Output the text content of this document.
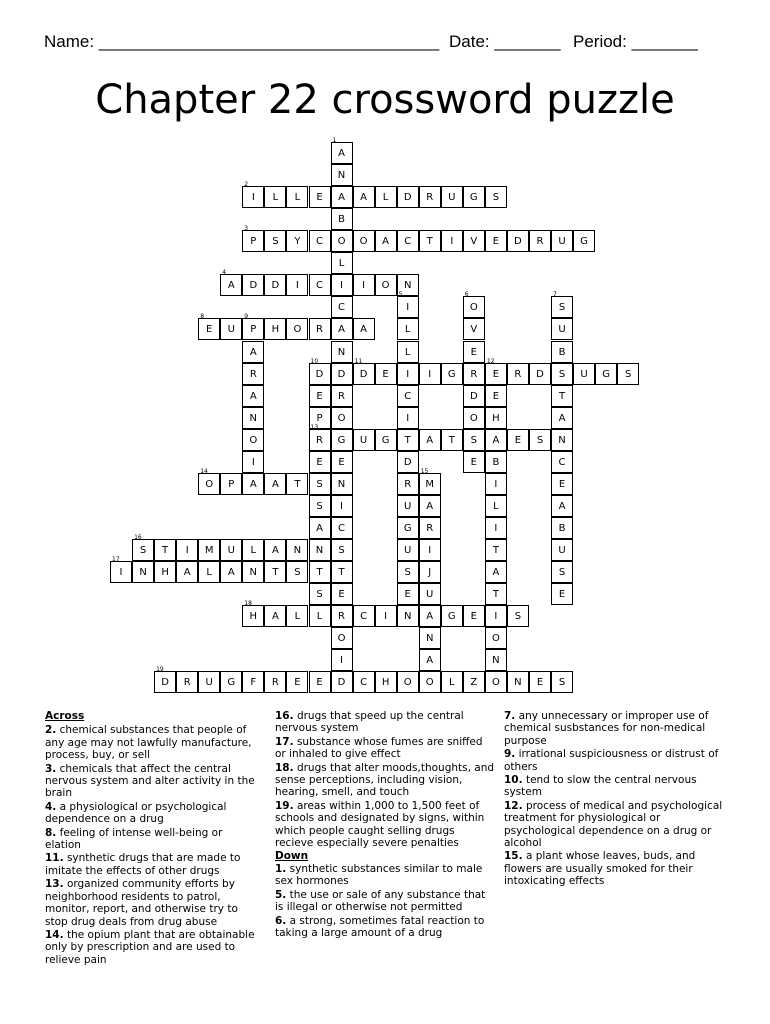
Name: ____________________________________ Date: _______ Period: _______
Chapter 22 crossword puzzle
A
1
N
A
B
O
L
I
C
A
N
D
R
O
G
E
N
I
C
S
T
E
R
O
I
D
I
2
L	L	E	A	L	D	R	U	G	S
P
3
S	Y	C	O	A	C	T	I	V	E	D	R	U	G
A
4
D	D	I	C	I	O	N
I
5
L
L
I
C
I
T
D
R
U
G
U
S
E
O
6
V
E
R
D
O
S
E
S
7
U
B
S
T
A
N
C
E
A
B
U
S
E
E
8
U	P
9
H	O	R	A
A
R
A
N
O
I
A
D
10
E
P
R
13
E
S
S
A
N
T
S
D
11
E	I	G	E
12
R	D	U	G	S
E
H
A
B
I
L
I
T
A
T
I
O
N
U	G	A	T	E	S
O
14
P	A	T	M
15
A
R
I
J
U
A
N
A
S
16
T	I	M	U	L	A	N
I
17
N	H	A	L	A	N	T	S
H
18
A	L	L	C	I	N	G	E	S
D
19
R	U	G	F	R	E	E	C	H	O	O	L	Z	O	N	E	S
Across
2. chemical substances that people of any age may not lawfully manufacture, process, buy, or sell
3. chemicals that affect the central nervous system and alter activity in the brain
4. a physiological or psychological dependence on a drug
8. feeling of intense well-being or elation
11. synthetic drugs that are made to imitate the effects of other drugs
13. organized community efforts by neighborhood residents to patrol, monitor, report, and otherwise try to stop drug deals from drug abuse
14. the opium plant that are obtainable only by prescription and are used to relieve pain
16. drugs that speed up the central nervous system
17. substance whose fumes are sniffed or inhaled to give effect
18. drugs that alter moods,thoughts, and sense perceptions, including vision, hearing, smell, and touch
19. areas within 1,000 to 1,500 feet of schools and designated by signs, within which people caught selling drugs recieve especially severe penalties
Down
1. synthetic substances similar to male sex hormones
5. the use or sale of any substance that is illegal or otherwise not permitted
6. a strong, sometimes fatal reaction to taking a large amount of a drug
7. any unnecessary or improper use of chemical susbstances for non-medical purpose
9. irrational suspiciousness or distrust of others
10. tend to slow the central nervous system
12. process of medical and psychological treatment for physiological or psychological dependence on a drug or alcohol
15. a plant whose leaves, buds, and flowers are usually smoked for their intoxicating effects
